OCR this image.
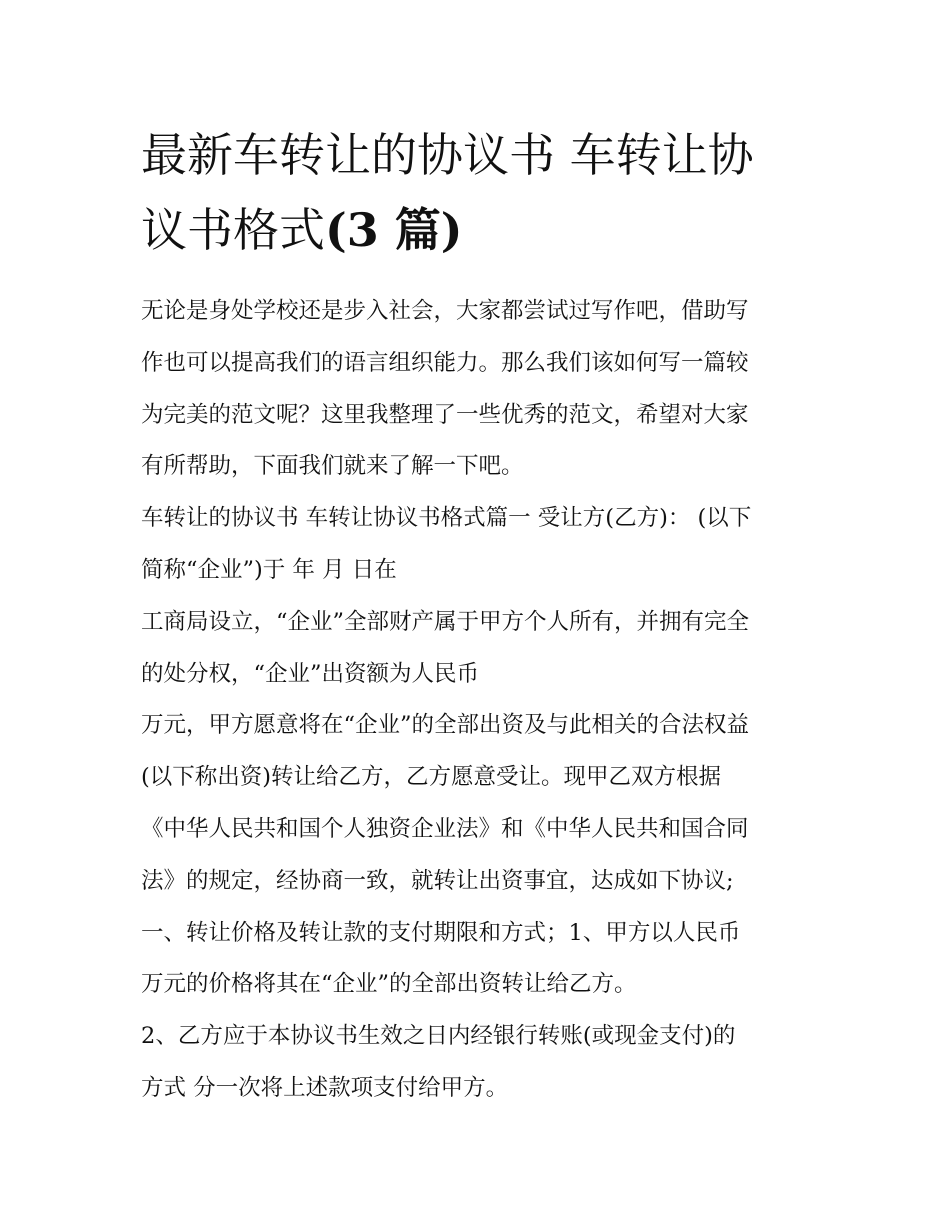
最新车转让的协议书 车转让协
议书格式(3 篇)
无论是身处学校还是步入社会，大家都尝试过写作吧，借助写
作也可以提高我们的语言组织能力。那么我们该如何写一篇较
为完美的范文呢？这里我整理了一些优秀的范文，希望对大家
有所帮助，下面我们就来了解一下吧。
车转让的协议书 车转让协议书格式篇一 受让方(乙方)： (以下
简称“企业”)于 年 月 日在
工商局设立，“企业”全部财产属于甲方个人所有，并拥有完全
的处分权，“企业”出资额为人民币
万元，甲方愿意将在“企业”的全部出资及与此相关的合法权益
(以下称出资)转让给乙方，乙方愿意受让。现甲乙双方根据
《中华人民共和国个人独资企业法》和《中华人民共和国合同
法》的规定，经协商一致，就转让出资事宜，达成如下协议;
一、转让价格及转让款的支付期限和方式；1、甲方以人民币
万元的价格将其在“企业”的全部出资转让给乙方。
2、乙方应于本协议书生效之日内经银行转账(或现金支付)的
方式 分一次将上述款项支付给甲方。
